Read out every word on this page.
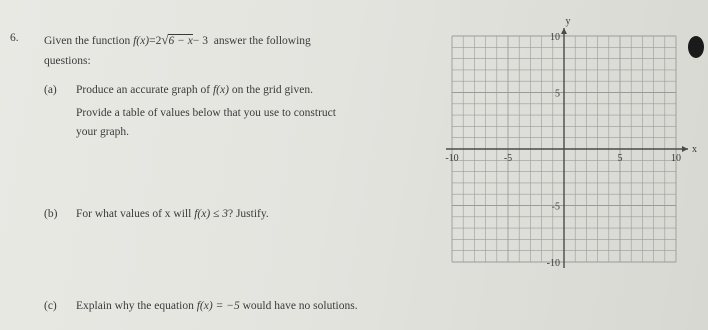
6. Given the function f(x)=2√6 − x− 3 answer the following
questions:
(a) Produce an accurate graph of f(x) on the grid given.
Provide a table of values below that you use to construct
your graph.
(b) For what values of x will f(x) ≤ 3? Justify.
(c) Explain why the equation f(x) = −5 would have no solutions.
x
y
-10	-5	5	10
10
5
-5
-10
